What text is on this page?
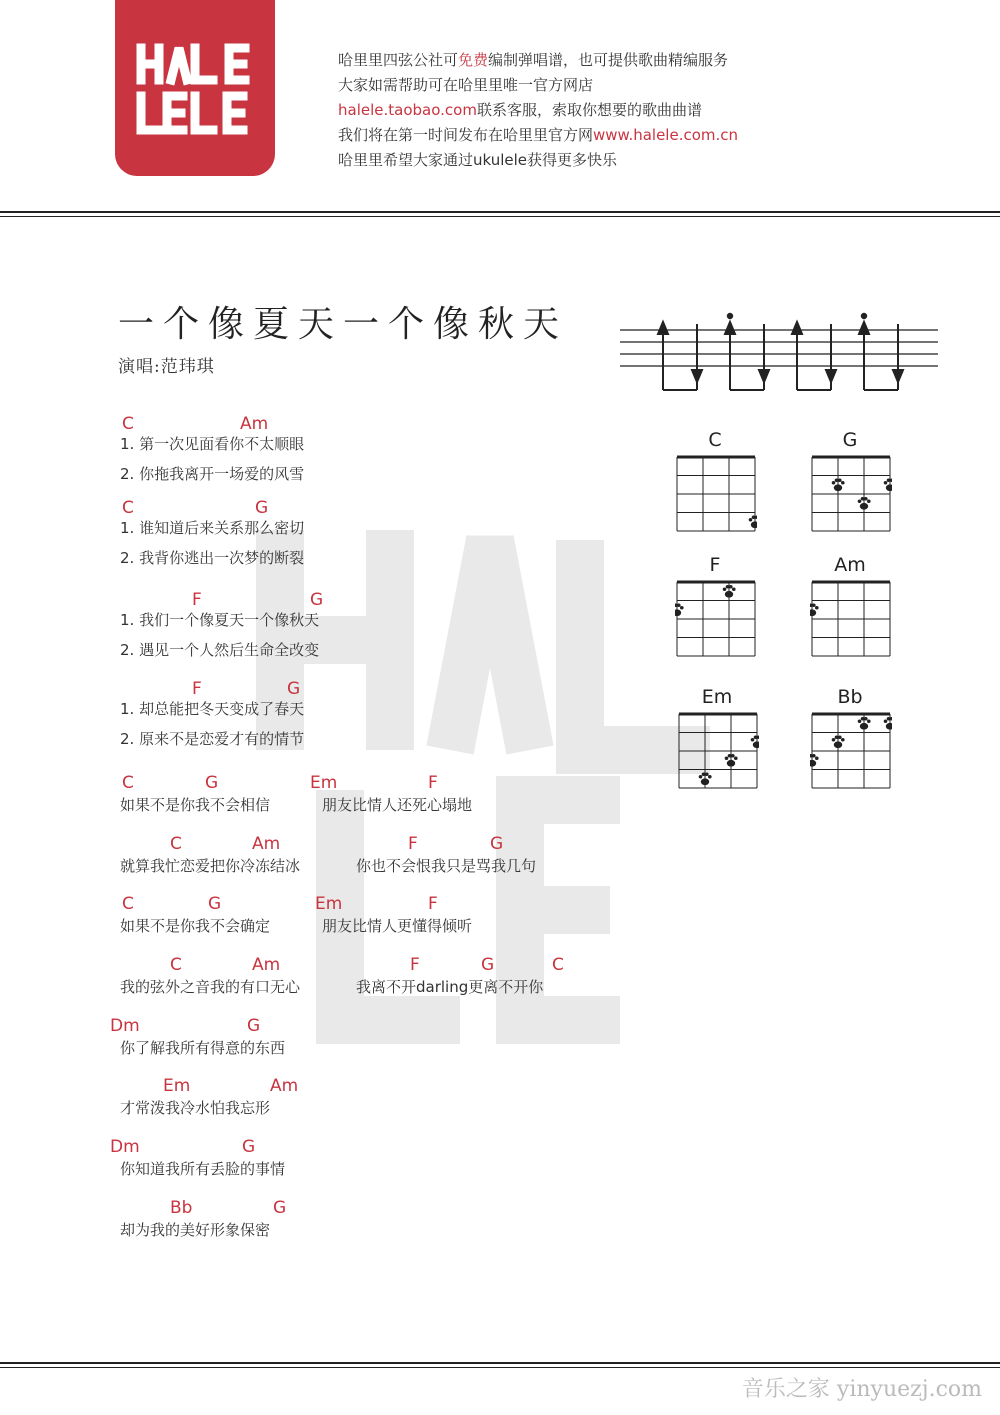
哈里里四弦公社可免费编制弹唱谱，也可提供歌曲精编服务
大家如需帮助可在哈里里唯一官方网店
halele.taobao.com联系客服，索取你想要的歌曲曲谱
我们将在第一时间发布在哈里里官方网www.halele.com.cn
哈里里希望大家通过ukulele获得更多快乐
一个像夏天一个像秋天
演唱:范玮琪
C	G
F	Am
Em	Bb
C	Am
1. 第一次见面看你不太顺眼
2. 你拖我离开一场爱的风雪
C	G
1. 谁知道后来关系那么密切
2. 我背你逃出一次梦的断裂
F	G
1. 我们一个像夏天一个像秋天
2. 遇见一个人然后生命全改变
F	G
1. 却总能把冬天变成了春天
2. 原来不是恋爱才有的情节
C	G	Em	F
如果不是你我不会相信	朋友比情人还死心塌地
C	Am	F	G
就算我忙恋爱把你冷冻结冰	你也不会恨我只是骂我几句
C	G	Em	F
如果不是你我不会确定	朋友比情人更懂得倾听
C	Am	F	G	C
我的弦外之音我的有口无心	我离不开darling更离不开你
Dm	G
你了解我所有得意的东西
Em	Am
才常泼我冷水怕我忘形
Dm	G
你知道我所有丢脸的事情
Bb	G
却为我的美好形象保密
音乐之家 yinyuezj.com
